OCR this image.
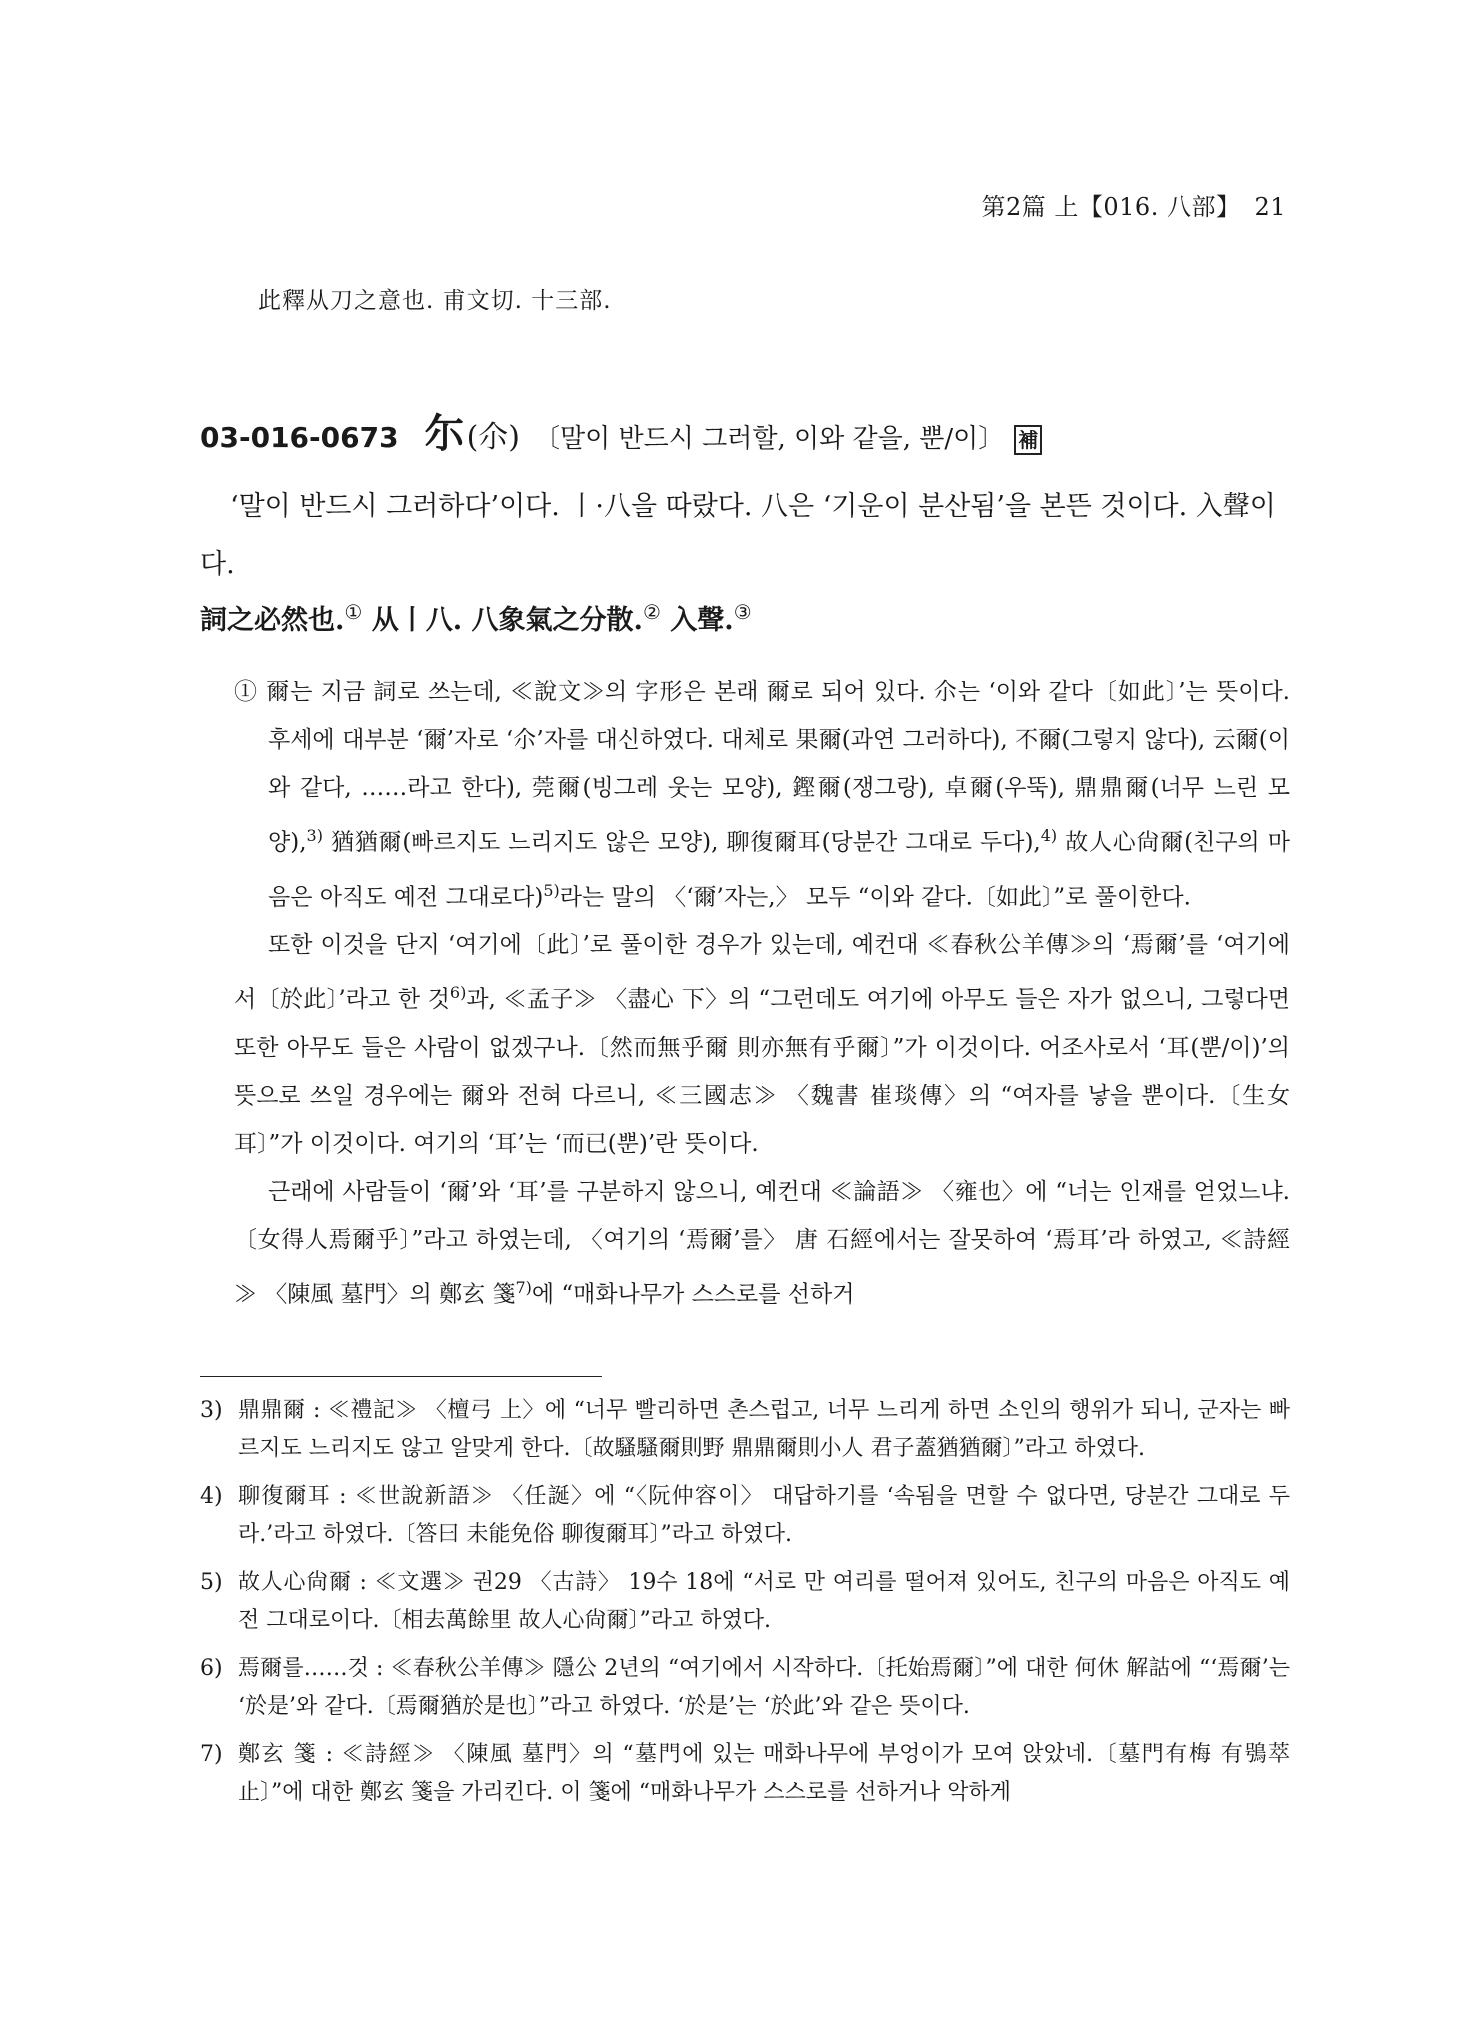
第2篇 上【016. 八部】 21
此釋从刀之意也. 甫文切. 十三部.
03-016-0673 尓 (尒) 〔말이 반드시 그러할, 이와 같을, 뿐/이〕 補
‘말이 반드시 그러하다’이다. 丨·八을 따랐다. 八은 ‘기운이 분산됨’을 본뜬 것이다. 入聲이다.
詞之必然也.① 从丨八. 八象氣之分散.② 入聲.③

① 爾는 지금 詞로 쓰는데, ≪說文≫의 字形은 본래 爾로 되어 있다. 尒는 ‘이와 같다〔如此〕’는 뜻이다. 후세에 대부분 ‘爾’자로 ‘尒’자를 대신하였다. 대체로 果爾(과연 그러하다), 不爾(그렇지 않다), 云爾(이와 같다, ……라고 한다), 莞爾(빙그레 웃는 모양), 鏗爾(쟁그랑), 卓爾(우뚝), 鼎鼎爾(너무 느린 모양),$^{3)}$ 猶猶爾(빠르지도 느리지도 않은 모양), 聊復爾耳(당분간 그대로 두다),$^{4)}$ 故人心尙爾(친구의 마음은 아직도 예전 그대로다)$^{5)}$라는 말의 〈‘爾’자는,〉 모두 “이와 같다.〔如此〕”로 풀이한다.

또한 이것을 단지 ‘여기에〔此〕’로 풀이한 경우가 있는데, 예컨대 ≪春秋公羊傳≫의 ‘焉爾’를 ‘여기에서〔於此〕’라고 한 것$^{6)}$과, ≪孟子≫ 〈盡心 下〉의 “그런데도 여기에 아무도 들은 자가 없으니, 그렇다면 또한 아무도 들은 사람이 없겠구나.〔然而無乎爾 則亦無有乎爾〕”가 이것이다. 어조사로서 ‘耳(뿐/이)’의 뜻으로 쓰일 경우에는 爾와 전혀 다르니, ≪三國志≫ 〈魏書 崔琰傳〉의 “여자를 낳을 뿐이다.〔生女耳〕”가 이것이다. 여기의 ‘耳’는 ‘而已(뿐)’란 뜻이다.

근래에 사람들이 ‘爾’와 ‘耳’를 구분하지 않으니, 예컨대 ≪論語≫ 〈雍也〉에 “너는 인재를 얻었느냐.〔女得人焉爾乎〕”라고 하였는데, 〈여기의 ‘焉爾’를〉 唐 石經에서는 잘못하여 ‘焉耳’라 하였고, ≪詩經≫ 〈陳風 墓門〉의 鄭玄 箋$^{7)}$에 “매화나무가 스스로를 선하거

3) 鼎鼎爾 : ≪禮記≫ 〈檀弓 上〉에 “너무 빨리하면 촌스럽고, 너무 느리게 하면 소인의 행위가 되니, 군자는 빠르지도 느리지도 않고 알맞게 한다.〔故騷騷爾則野 鼎鼎爾則小人 君子蓋猶猶爾〕”라고 하였다.
4) 聊復爾耳 : ≪世說新語≫ 〈任誕〉에 “〈阮仲容이〉 대답하기를 ‘속됨을 면할 수 없다면, 당분간 그대로 두라.’라고 하였다.〔答曰 未能免俗 聊復爾耳〕”라고 하였다.
5) 故人心尙爾 : ≪文選≫ 권29 〈古詩〉 19수 18에 “서로 만 여리를 떨어져 있어도, 친구의 마음은 아직도 예전 그대로이다.〔相去萬餘里 故人心尙爾〕”라고 하였다.
6) 焉爾를……것 : ≪春秋公羊傳≫ 隱公 2년의 “여기에서 시작하다.〔托始焉爾〕”에 대한 何休 解詁에 “‘焉爾’는 ‘於是’와 같다.〔焉爾猶於是也〕”라고 하였다. ‘於是’는 ‘於此’와 같은 뜻이다.
7) 鄭玄 箋 : ≪詩經≫ 〈陳風 墓門〉의 “墓門에 있는 매화나무에 부엉이가 모여 앉았네.〔墓門有梅 有鴞萃止〕”에 대한 鄭玄 箋을 가리킨다. 이 箋에 “매화나무가 스스로를 선하거나 악하게
